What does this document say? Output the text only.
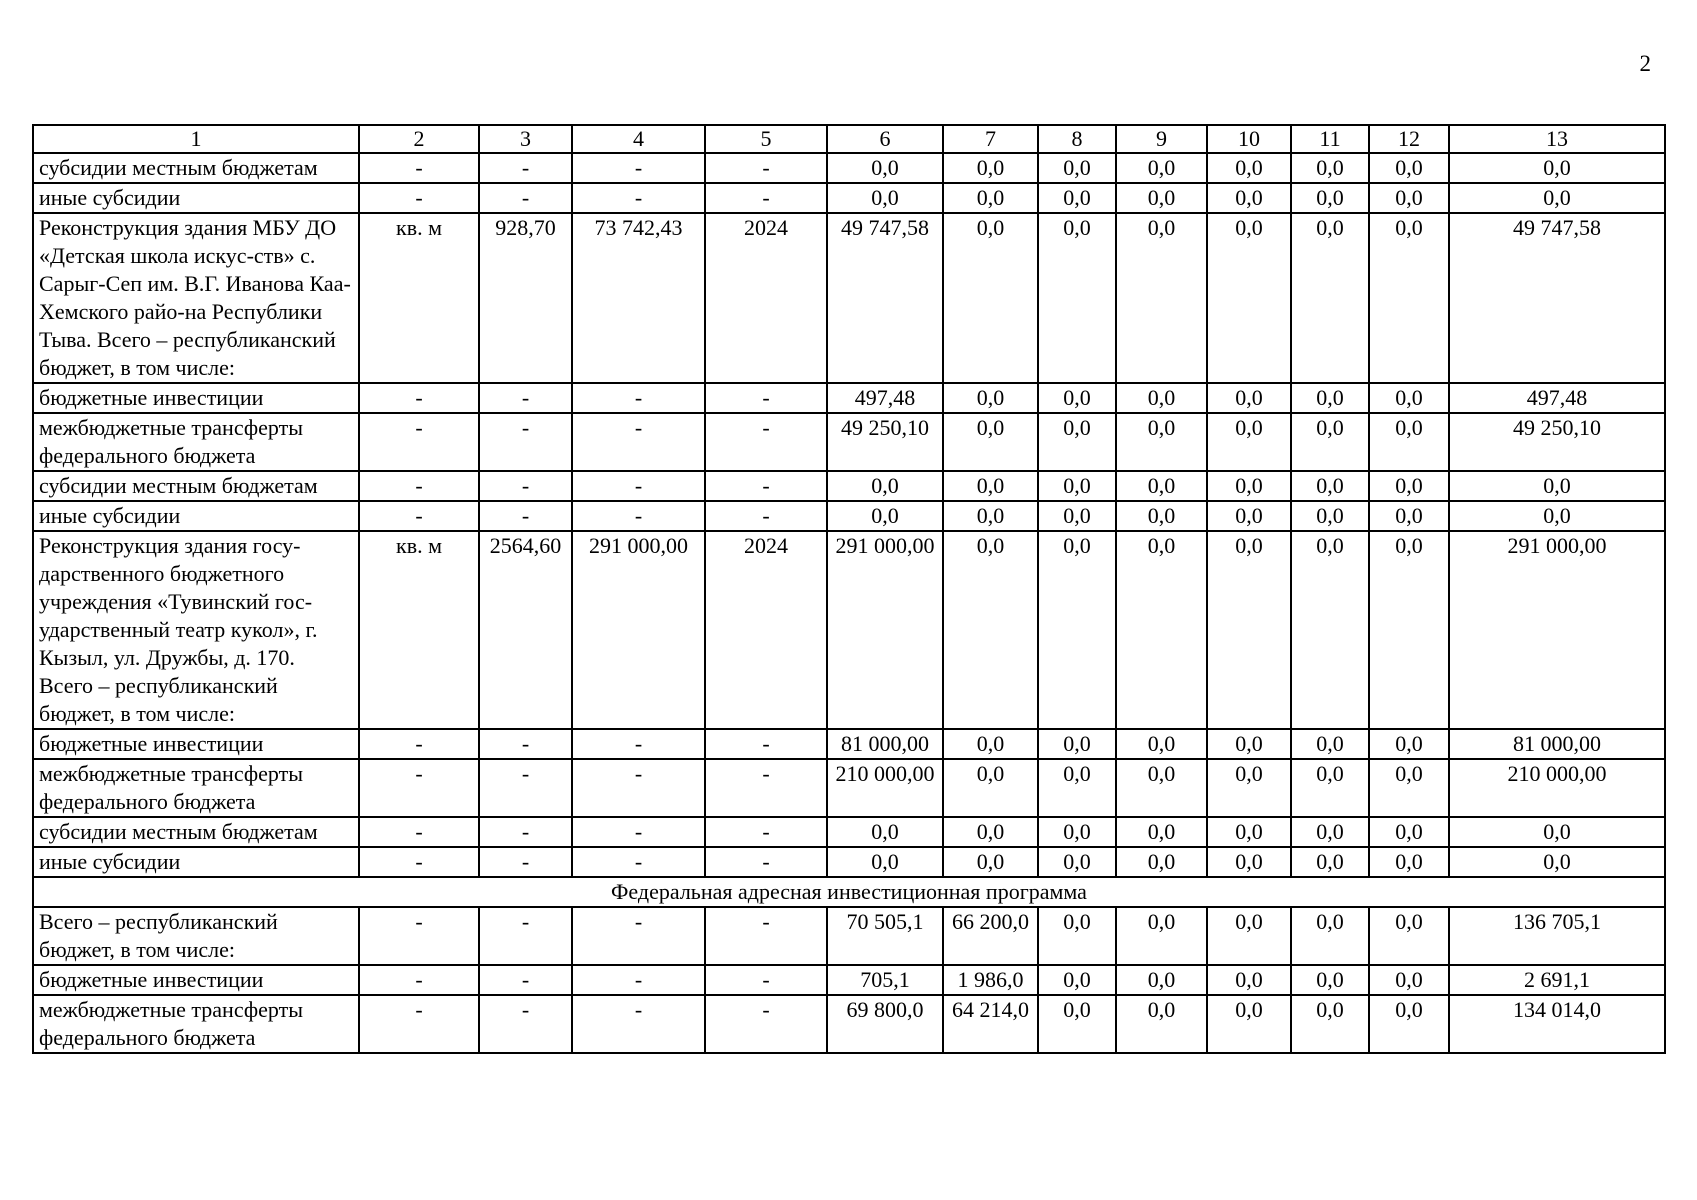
2
1	2	3	4	5	6	7	8	9	10	11	12	13
субсидии местным бюджетам	-	-	-	-	0,0	0,0	0,0	0,0	0,0	0,0	0,0	0,0
иные субсидии	-	-	-	-	0,0	0,0	0,0	0,0	0,0	0,0	0,0	0,0
Реконструкция здания МБУ ДО «Детская школа искус-ств» с. Сарыг-Сеп им. В.Г. Иванова Каа-Хемского райо-на Республики Тыва. Всего – республиканский бюджет, в том числе:	кв. м	928,70	73 742,43	2024	49 747,58	0,0	0,0	0,0	0,0	0,0	0,0	49 747,58
бюджетные инвестиции	-	-	-	-	497,48	0,0	0,0	0,0	0,0	0,0	0,0	497,48
межбюджетные трансферты федерального бюджета	-	-	-	-	49 250,10	0,0	0,0	0,0	0,0	0,0	0,0	49 250,10
субсидии местным бюджетам	-	-	-	-	0,0	0,0	0,0	0,0	0,0	0,0	0,0	0,0
иные субсидии	-	-	-	-	0,0	0,0	0,0	0,0	0,0	0,0	0,0	0,0
Реконструкция здания госу-дарственного бюджетного учреждения «Тувинский гос-ударственный театр кукол», г. Кызыл, ул. Дружбы, д. 170. Всего – республиканский бюджет, в том числе:	кв. м	2564,60	291 000,00	2024	291 000,00	0,0	0,0	0,0	0,0	0,0	0,0	291 000,00
бюджетные инвестиции	-	-	-	-	81 000,00	0,0	0,0	0,0	0,0	0,0	0,0	81 000,00
межбюджетные трансферты федерального бюджета	-	-	-	-	210 000,00	0,0	0,0	0,0	0,0	0,0	0,0	210 000,00
субсидии местным бюджетам	-	-	-	-	0,0	0,0	0,0	0,0	0,0	0,0	0,0	0,0
иные субсидии	-	-	-	-	0,0	0,0	0,0	0,0	0,0	0,0	0,0	0,0
Федеральная адресная инвестиционная программа												
Всего – республиканский бюджет, в том числе:	-	-	-	-	70 505,1	66 200,0	0,0	0,0	0,0	0,0	0,0	136 705,1
бюджетные инвестиции	-	-	-	-	705,1	1 986,0	0,0	0,0	0,0	0,0	0,0	2 691,1
межбюджетные трансферты федерального бюджета	-	-	-	-	69 800,0	64 214,0	0,0	0,0	0,0	0,0	0,0	134 014,0
